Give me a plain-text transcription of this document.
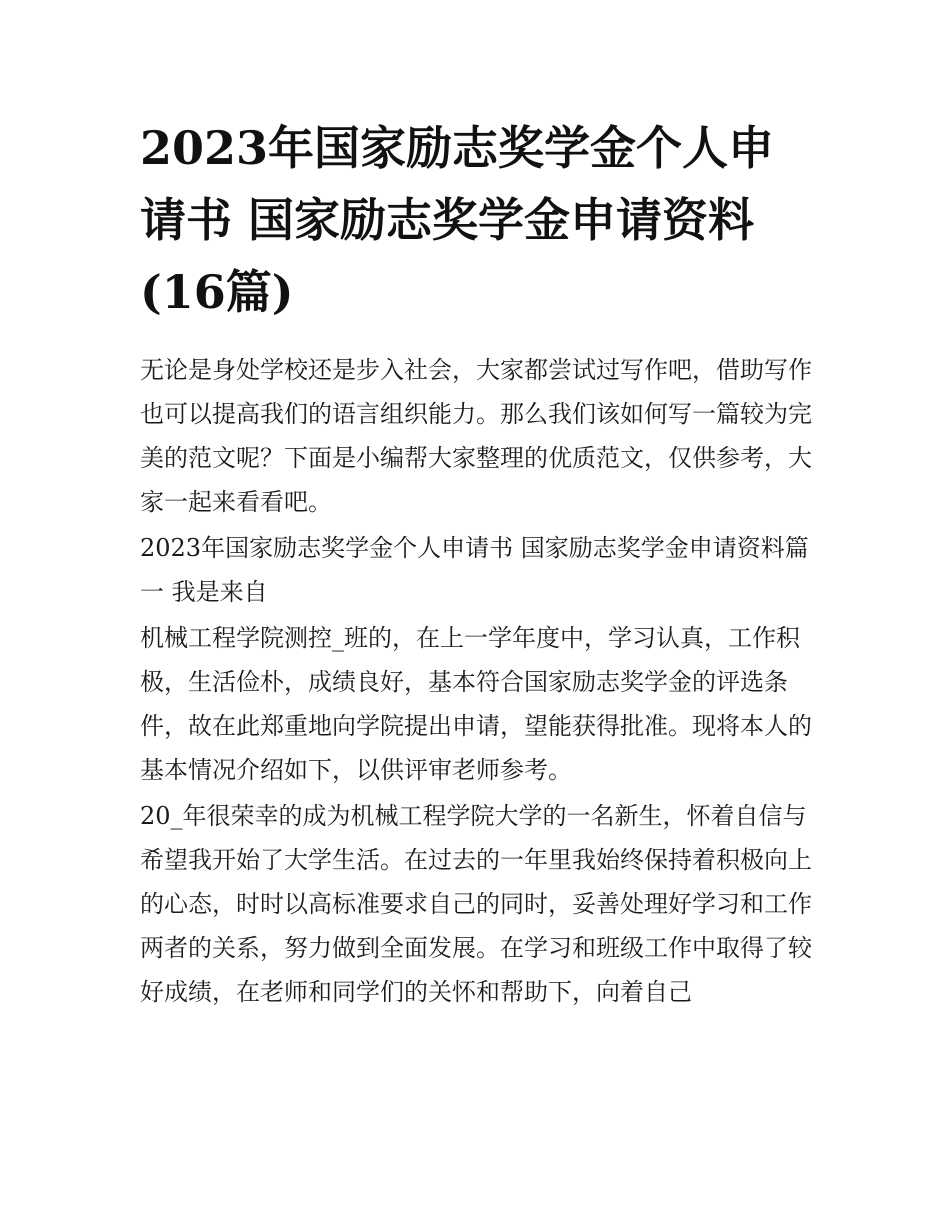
2023年国家励志奖学金个人申请书 国家励志奖学金申请资料(16篇)

无论是身处学校还是步入社会，大家都尝试过写作吧，借助写作也可以提高我们的语言组织能力。那么我们该如何写一篇较为完美的范文呢？下面是小编帮大家整理的优质范文，仅供参考，大家一起来看看吧。

2023年国家励志奖学金个人申请书 国家励志奖学金申请资料篇一 我是来自

机械工程学院测控_班的，在上一学年度中，学习认真，工作积极，生活俭朴，成绩良好，基本符合国家励志奖学金的评选条件，故在此郑重地向学院提出申请，望能获得批准。现将本人的基本情况介绍如下，以供评审老师参考。

20_年很荣幸的成为机械工程学院大学的一名新生，怀着自信与希望我开始了大学生活。在过去的一年里我始终保持着积极向上的心态，时时以高标准要求自己的同时，妥善处理好学习和工作两者的关系，努力做到全面发展。在学习和班级工作中取得了较好成绩，在老师和同学们的关怀和帮助下，向着自己
